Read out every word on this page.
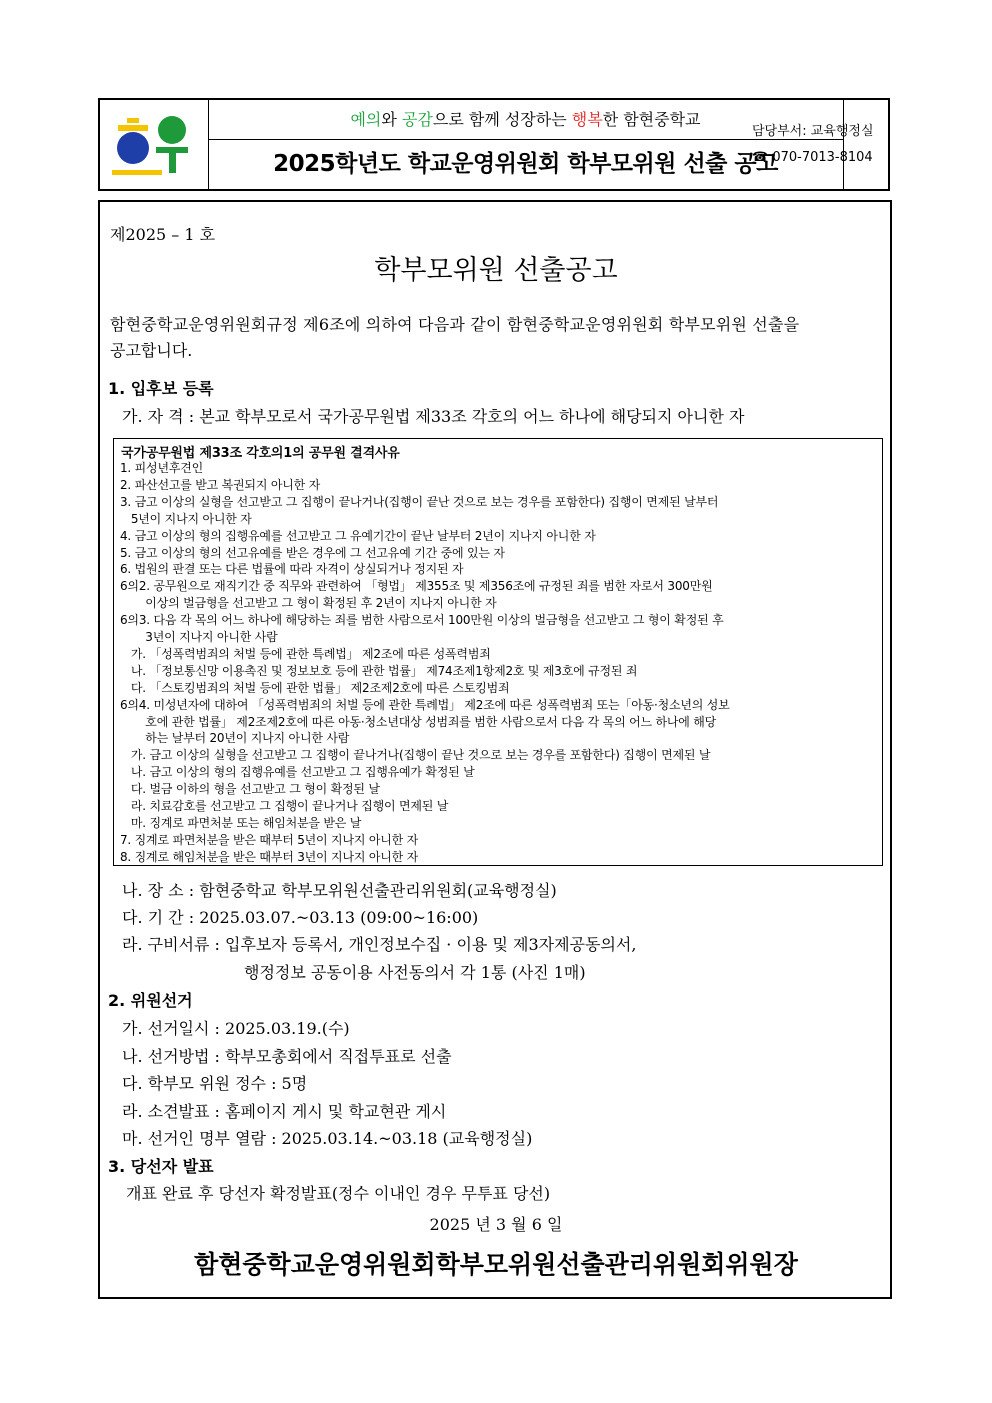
예의와 공감으로 함께 성장하는 행복한 함현중학교
2025학년도 학교운영위원회 학부모위원 선출 공고
담당부서: 교육행정실
☎ 070-7013-8104
제2025 – 1 호
학부모위원 선출공고
함현중학교운영위원회규정 제6조에 의하여 다음과 같이 함현중학교운영위원회 학부모위원 선출을
공고합니다.
1. 입후보 등록
가. 자 격 : 본교 학부모로서 국가공무원법 제33조 각호의 어느 하나에 해당되지 아니한 자
국가공무원법 제33조 각호의1의 공무원 결격사유
1. 피성년후견인
2. 파산선고를 받고 복권되지 아니한 자
3. 금고 이상의 실형을 선고받고 그 집행이 끝나거나(집행이 끝난 것으로 보는 경우를 포함한다) 집행이 면제된 날부터
5년이 지나지 아니한 자
4. 금고 이상의 형의 집행유예를 선고받고 그 유예기간이 끝난 날부터 2년이 지나지 아니한 자
5. 금고 이상의 형의 선고유예를 받은 경우에 그 선고유예 기간 중에 있는 자
6. 법원의 판결 또는 다른 법률에 따라 자격이 상실되거나 정지된 자
6의2. 공무원으로 재직기간 중 직무와 관련하여 「형법」 제355조 및 제356조에 규정된 죄를 범한 자로서 300만원
이상의 벌금형을 선고받고 그 형이 확정된 후 2년이 지나지 아니한 자
6의3. 다음 각 목의 어느 하나에 해당하는 죄를 범한 사람으로서 100만원 이상의 벌금형을 선고받고 그 형이 확정된 후
3년이 지나지 아니한 사람
가. 「성폭력범죄의 처벌 등에 관한 특례법」 제2조에 따른 성폭력범죄
나. 「정보통신망 이용촉진 및 정보보호 등에 관한 법률」 제74조제1항제2호 및 제3호에 규정된 죄
다. 「스토킹범죄의 처벌 등에 관한 법률」 제2조제2호에 따른 스토킹범죄
6의4. 미성년자에 대하여 「성폭력범죄의 처벌 등에 관한 특례법」 제2조에 따른 성폭력범죄 또는「아동·청소년의 성보
호에 관한 법률」 제2조제2호에 따른 아동·청소년대상 성범죄를 범한 사람으로서 다음 각 목의 어느 하나에 해당
하는 날부터 20년이 지나지 아니한 사람
가. 금고 이상의 실형을 선고받고 그 집행이 끝나거나(집행이 끝난 것으로 보는 경우를 포함한다) 집행이 면제된 날
나. 금고 이상의 형의 집행유예를 선고받고 그 집행유예가 확정된 날
다. 벌금 이하의 형을 선고받고 그 형이 확정된 날
라. 치료감호를 선고받고 그 집행이 끝나거나 집행이 면제된 날
마. 징계로 파면처분 또는 해임처분을 받은 날
7. 징계로 파면처분을 받은 때부터 5년이 지나지 아니한 자
8. 징계로 해임처분을 받은 때부터 3년이 지나지 아니한 자
나. 장 소 : 함현중학교 학부모위원선출관리위원회(교육행정실)
다. 기 간 : 2025.03.07.~03.13 (09:00~16:00)
라. 구비서류 : 입후보자 등록서, 개인정보수집 · 이용 및 제3자제공동의서,
행정정보 공동이용 사전동의서 각 1통 (사진 1매)
2. 위원선거
가. 선거일시 : 2025.03.19.(수)
나. 선거방법 : 학부모총회에서 직접투표로 선출
다. 학부모 위원 정수 : 5명
라. 소견발표 : 홈페이지 게시 및 학교현관 게시
마. 선거인 명부 열람 : 2025.03.14.~03.18 (교육행정실)
3. 당선자 발표
개표 완료 후 당선자 확정발표(정수 이내인 경우 무투표 당선)
2025 년 3 월 6 일
함현중학교운영위원회학부모위원선출관리위원회위원장
